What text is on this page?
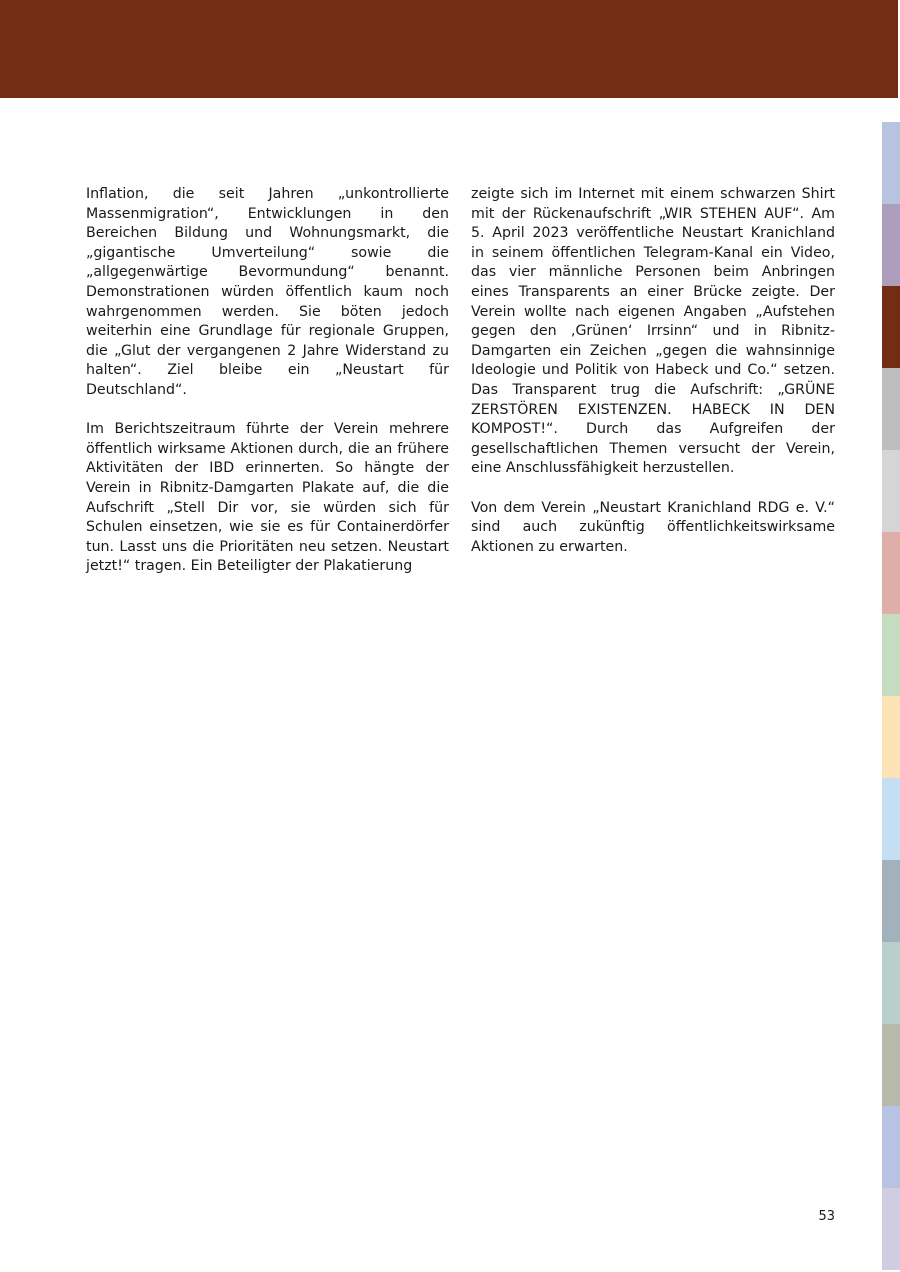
Inflation, die seit Jahren „unkontrollierte Massenmigration“, Entwicklungen in den Bereichen Bildung und Wohnungsmarkt, die „gigantische Umverteilung“ sowie die „allgegenwärtige Bevormundung“ benannt. Demonstrationen würden öffentlich kaum noch wahrgenommen werden. Sie böten jedoch weiterhin eine Grundlage für regionale Gruppen, die „Glut der vergangenen 2 Jahre Widerstand zu halten“. Ziel bleibe ein „Neustart für Deutschland“.

Im Berichtszeitraum führte der Verein mehrere öffentlich wirksame Aktionen durch, die an frühere Aktivitäten der IBD erinnerten. So hängte der Verein in Ribnitz-Damgarten Plakate auf, die die Aufschrift „Stell Dir vor, sie würden sich für Schulen einsetzen, wie sie es für Containerdörfer tun. Lasst uns die Prioritäten neu setzen. Neustart jetzt!“ tragen. Ein Beteiligter der Plakatierung

zeigte sich im Internet mit einem schwarzen Shirt mit der Rückenaufschrift „WIR STEHEN AUF“. Am 5. April 2023 veröffentliche Neustart Kranichland in seinem öffentlichen Telegram-Kanal ein Video, das vier männliche Personen beim Anbringen eines Transparents an einer Brücke zeigte. Der Verein wollte nach eigenen Angaben „Aufstehen gegen den ‚Grünen‘ Irrsinn“ und in Ribnitz-Damgarten ein Zeichen „gegen die wahnsinnige Ideologie und Politik von Habeck und Co.“ setzen. Das Transparent trug die Aufschrift: „GRÜNE ZERSTÖREN EXISTENZEN. HABECK IN DEN KOMPOST!“. Durch das Aufgreifen der gesellschaftlichen Themen versucht der Verein, eine Anschlussfähigkeit herzustellen.

Von dem Verein „Neustart Kranichland RDG e. V.“ sind auch zukünftig öffentlichkeitswirksame Aktionen zu erwarten.

53
